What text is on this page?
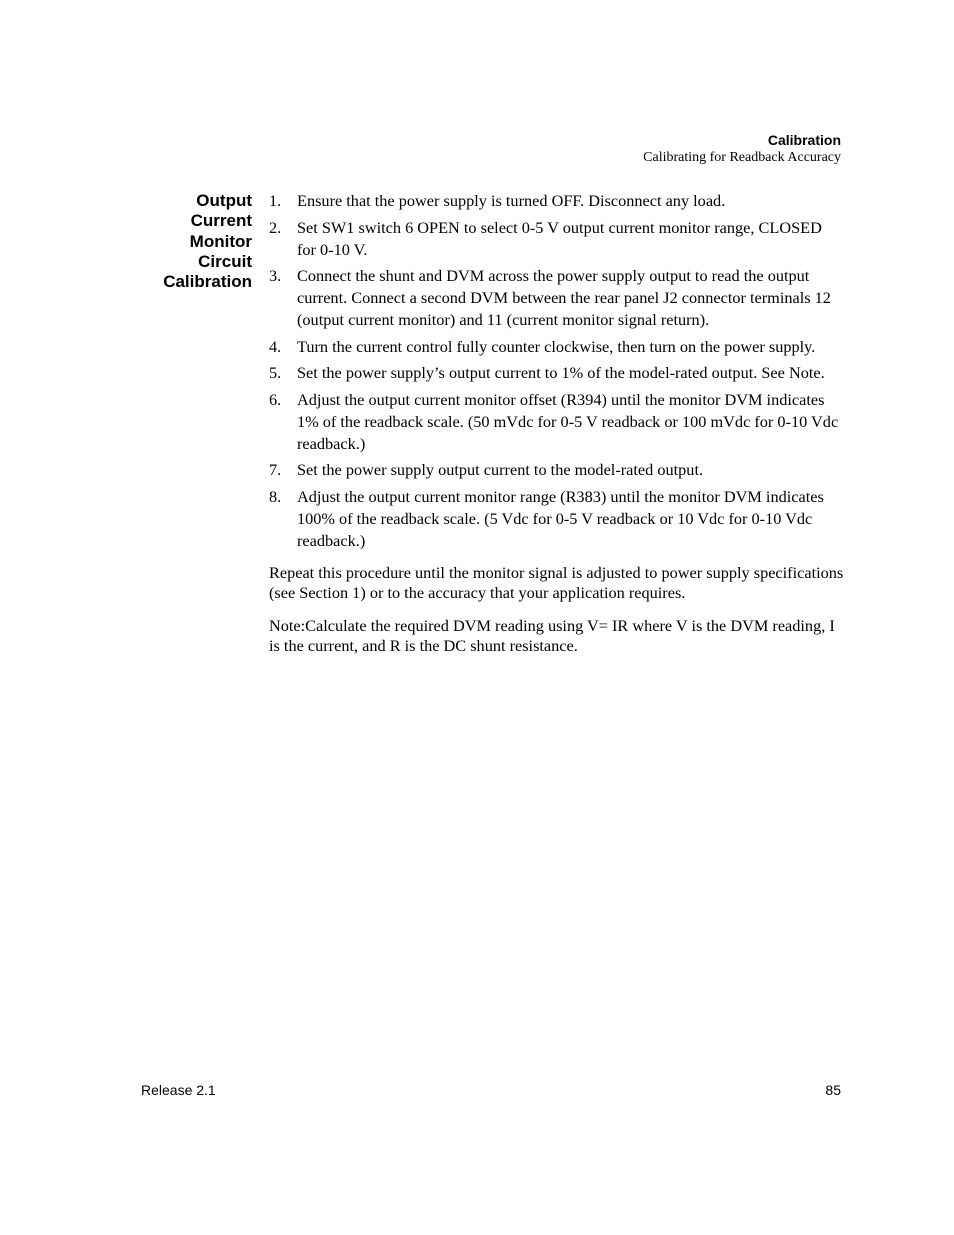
Calibration
Calibrating for Readback Accuracy
Output
Current
Monitor
Circuit
Calibration
1. Ensure that the power supply is turned OFF. Disconnect any load.
2. Set SW1 switch 6 OPEN to select 0-5 V output current monitor range, CLOSED for 0-10 V.
3. Connect the shunt and DVM across the power supply output to read the output current. Connect a second DVM between the rear panel J2 connector terminals 12 (output current monitor) and 11 (current monitor signal return).
4. Turn the current control fully counter clockwise, then turn on the power supply.
5. Set the power supply’s output current to 1% of the model-rated output. See Note.
6. Adjust the output current monitor offset (R394) until the monitor DVM indicates 1% of the readback scale. (50 mVdc for 0-5 V readback or 100 mVdc for 0-10 Vdc readback.)
7. Set the power supply output current to the model-rated output.
8. Adjust the output current monitor range (R383) until the monitor DVM indicates 100% of the readback scale. (5 Vdc for 0-5 V readback or 10 Vdc for 0-10 Vdc readback.)

Repeat this procedure until the monitor signal is adjusted to power supply specifications (see Section 1) or to the accuracy that your application requires.

Note:Calculate the required DVM reading using V= IR where V is the DVM reading, I is the current, and R is the DC shunt resistance.

Release 2.1	85
